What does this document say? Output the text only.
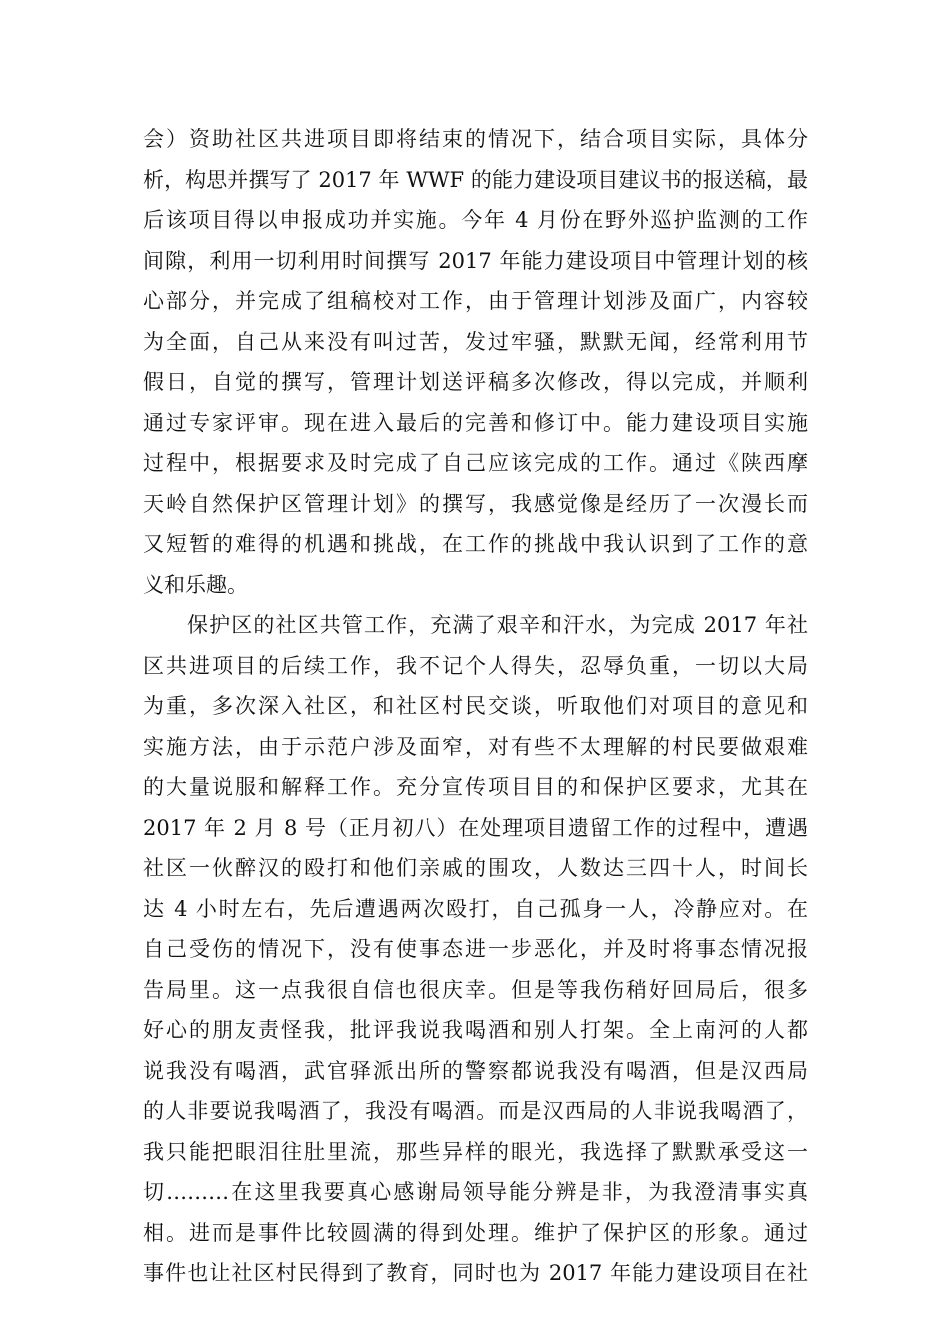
会）资助社区共进项目即将结束的情况下，结合项目实际，具体分
析，构思并撰写了 2017 年 WWF 的能力建设项目建议书的报送稿，最
后该项目得以申报成功并实施。今年 4 月份在野外巡护监测的工作
间隙，利用一切利用时间撰写 2017 年能力建设项目中管理计划的核
心部分，并完成了组稿校对工作，由于管理计划涉及面广，内容较
为全面，自己从来没有叫过苦，发过牢骚，默默无闻，经常利用节
假日，自觉的撰写，管理计划送评稿多次修改，得以完成，并顺利
通过专家评审。现在进入最后的完善和修订中。能力建设项目实施
过程中，根据要求及时完成了自己应该完成的工作。通过《陕西摩
天岭自然保护区管理计划》的撰写，我感觉像是经历了一次漫长而
又短暂的难得的机遇和挑战，在工作的挑战中我认识到了工作的意
义和乐趣。
保护区的社区共管工作，充满了艰辛和汗水，为完成 2017 年社
区共进项目的后续工作，我不记个人得失，忍辱负重，一切以大局
为重，多次深入社区，和社区村民交谈，听取他们对项目的意见和
实施方法，由于示范户涉及面窄，对有些不太理解的村民要做艰难
的大量说服和解释工作。充分宣传项目目的和保护区要求，尤其在
2017 年 2 月 8 号（正月初八）在处理项目遗留工作的过程中，遭遇
社区一伙醉汉的殴打和他们亲戚的围攻，人数达三四十人，时间长
达 4 小时左右，先后遭遇两次殴打，自己孤身一人，冷静应对。在
自己受伤的情况下，没有使事态进一步恶化，并及时将事态情况报
告局里。这一点我很自信也很庆幸。但是等我伤稍好回局后，很多
好心的朋友责怪我，批评我说我喝酒和别人打架。全上南河的人都
说我没有喝酒，武官驿派出所的警察都说我没有喝酒，但是汉西局
的人非要说我喝酒了，我没有喝酒。而是汉西局的人非说我喝酒了，
我只能把眼泪往肚里流，那些异样的眼光，我选择了默默承受这一
切………在这里我要真心感谢局领导能分辨是非，为我澄清事实真
相。进而是事件比较圆满的得到处理。维护了保护区的形象。通过
事件也让社区村民得到了教育，同时也为 2017 年能力建设项目在社
